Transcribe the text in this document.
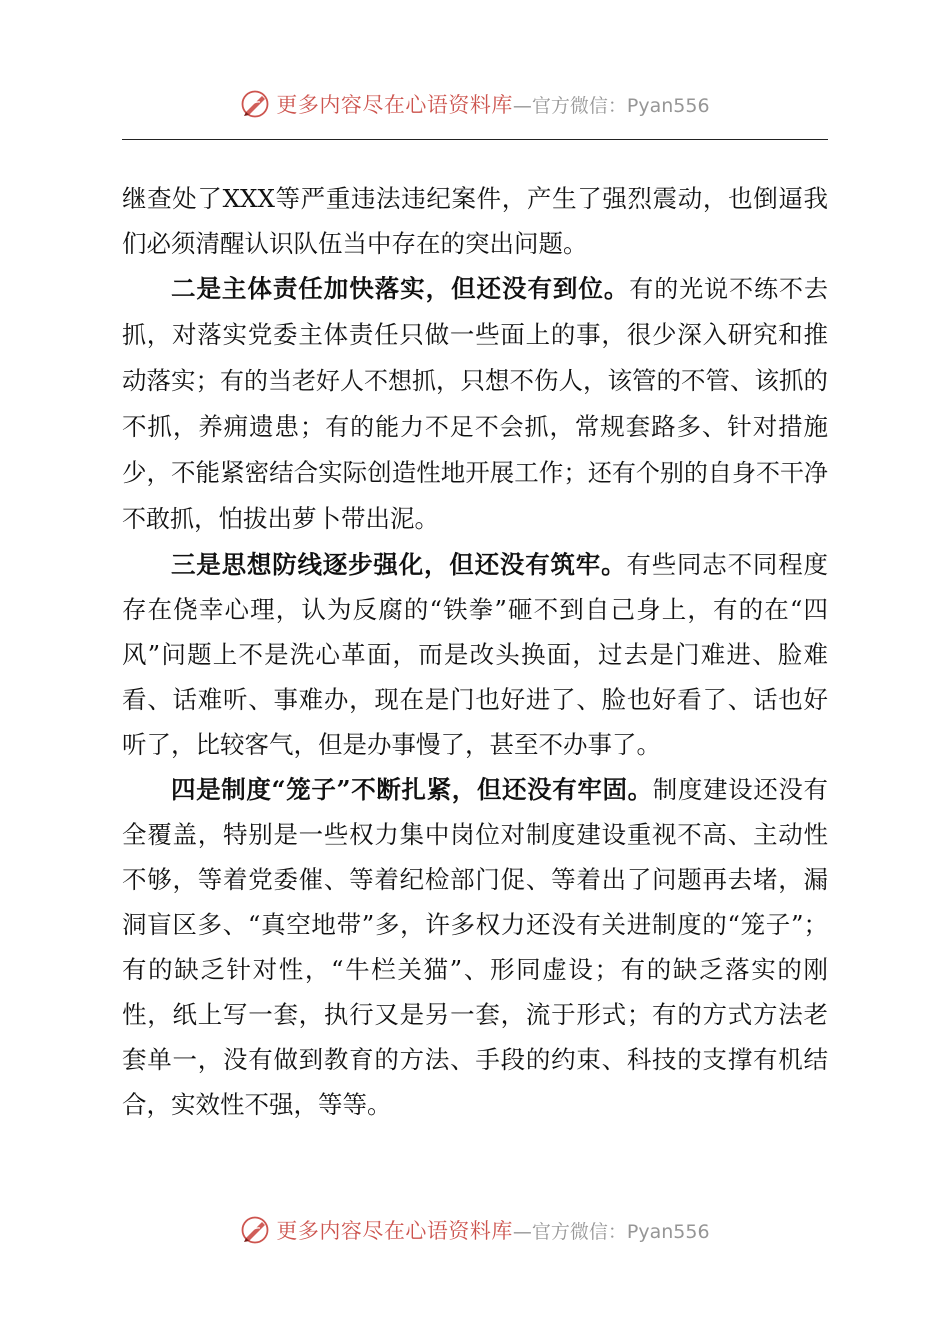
更多内容尽在心语资料库 —官方微信：Pyan556

继查处了XXX等严重违法违纪案件，产生了强烈震动，也倒逼我们必须清醒认识队伍当中存在的突出问题。

二是主体责任加快落实，但还没有到位。有的光说不练不去抓，对落实党委主体责任只做一些面上的事，很少深入研究和推动落实；有的当老好人不想抓，只想不伤人，该管的不管、该抓的不抓，养痈遗患；有的能力不足不会抓，常规套路多、针对措施少，不能紧密结合实际创造性地开展工作；还有个别的自身不干净不敢抓，怕拔出萝卜带出泥。

三是思想防线逐步强化，但还没有筑牢。有些同志不同程度存在侥幸心理，认为反腐的“铁拳”砸不到自己身上，有的在“四风”问题上不是洗心革面，而是改头换面，过去是门难进、脸难看、话难听、事难办，现在是门也好进了、脸也好看了、话也好听了，比较客气，但是办事慢了，甚至不办事了。

四是制度“笼子”不断扎紧，但还没有牢固。制度建设还没有全覆盖，特别是一些权力集中岗位对制度建设重视不高、主动性不够，等着党委催、等着纪检部门促、等着出了问题再去堵，漏洞盲区多、“真空地带”多，许多权力还没有关进制度的“笼子”；有的缺乏针对性，“牛栏关猫”、形同虚设；有的缺乏落实的刚性，纸上写一套，执行又是另一套，流于形式；有的方式方法老套单一，没有做到教育的方法、手段的约束、科技的支撑有机结合，实效性不强，等等。

更多内容尽在心语资料库 —官方微信：Pyan556
